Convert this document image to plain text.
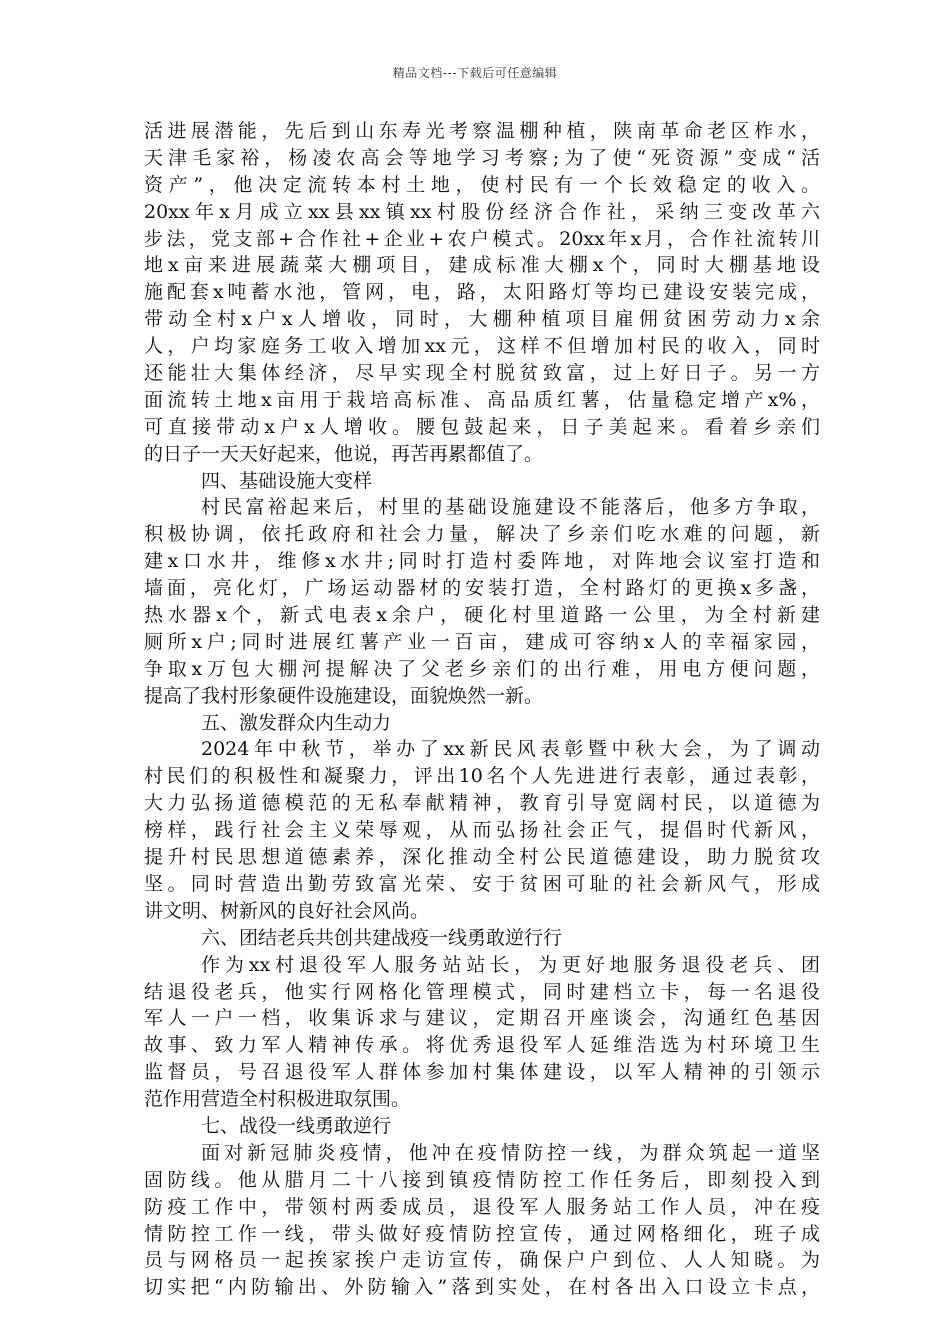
精品文档---下载后可任意编辑
活进展潜能，先后到山东寿光考察温棚种植，陕南革命老区柞水，
天津毛家裕，杨凌农高会等地学习考察;为了使“死资源”变成“活
资产”，他决定流转本村土地，使村民有一个长效稳定的收入。
20xx年x月成立xx县xx镇xx村股份经济合作社，采纳三变改革六
步法，党支部+合作社+企业+农户模式。20xx年x月，合作社流转川
地x亩来进展蔬菜大棚项目，建成标准大棚x个，同时大棚基地设
施配套x吨蓄水池，管网，电，路，太阳路灯等均已建设安装完成，
带动全村x户x人增收，同时，大棚种植项目雇佣贫困劳动力x余
人，户均家庭务工收入增加xx元，这样不但增加村民的收入，同时
还能壮大集体经济，尽早实现全村脱贫致富，过上好日子。另一方
面流转土地x亩用于栽培高标准、高品质红薯，估量稳定增产x%，
可直接带动x户x人增收。腰包鼓起来，日子美起来。看着乡亲们
的日子一天天好起来，他说，再苦再累都值了。
四、基础设施大变样
村民富裕起来后，村里的基础设施建设不能落后，他多方争取，
积极协调，依托政府和社会力量，解决了乡亲们吃水难的问题，新
建x口水井，维修x水井;同时打造村委阵地，对阵地会议室打造和
墙面，亮化灯，广场运动器材的安装打造，全村路灯的更换x多盏，
热水器x个，新式电表x余户，硬化村里道路一公里，为全村新建
厕所x户;同时进展红薯产业一百亩，建成可容纳x人的幸福家园，
争取x万包大棚河提解决了父老乡亲们的出行难，用电方便问题，
提高了我村形象硬件设施建设，面貌焕然一新。
五、激发群众内生动力
2024年中秋节，举办了xx新民风表彰暨中秋大会，为了调动
村民们的积极性和凝聚力，评出10名个人先进进行表彰，通过表彰，
大力弘扬道德模范的无私奉献精神，教育引导宽阔村民，以道德为
榜样，践行社会主义荣辱观，从而弘扬社会正气，提倡时代新风，
提升村民思想道德素养，深化推动全村公民道德建设，助力脱贫攻
坚。同时营造出勤劳致富光荣、安于贫困可耻的社会新风气，形成
讲文明、树新风的良好社会风尚。
六、团结老兵共创共建战疫一线勇敢逆行行
作为xx村退役军人服务站站长，为更好地服务退役老兵、团
结退役老兵，他实行网格化管理模式，同时建档立卡，每一名退役
军人一户一档，收集诉求与建议，定期召开座谈会，沟通红色基因
故事、致力军人精神传承。将优秀退役军人延维浩选为村环境卫生
监督员，号召退役军人群体参加村集体建设，以军人精神的引领示
范作用营造全村积极进取氛围。
七、战役一线勇敢逆行
面对新冠肺炎疫情，他冲在疫情防控一线，为群众筑起一道坚
固防线。他从腊月二十八接到镇疫情防控工作任务后，即刻投入到
防疫工作中，带领村两委成员，退役军人服务站工作人员，冲在疫
情防控工作一线，带头做好疫情防控宣传，通过网格细化，班子成
员与网格员一起挨家挨户走访宣传，确保户户到位、人人知晓。为
切实把“内防输出、外防输入”落到实处，在村各出入口设立卡点，
